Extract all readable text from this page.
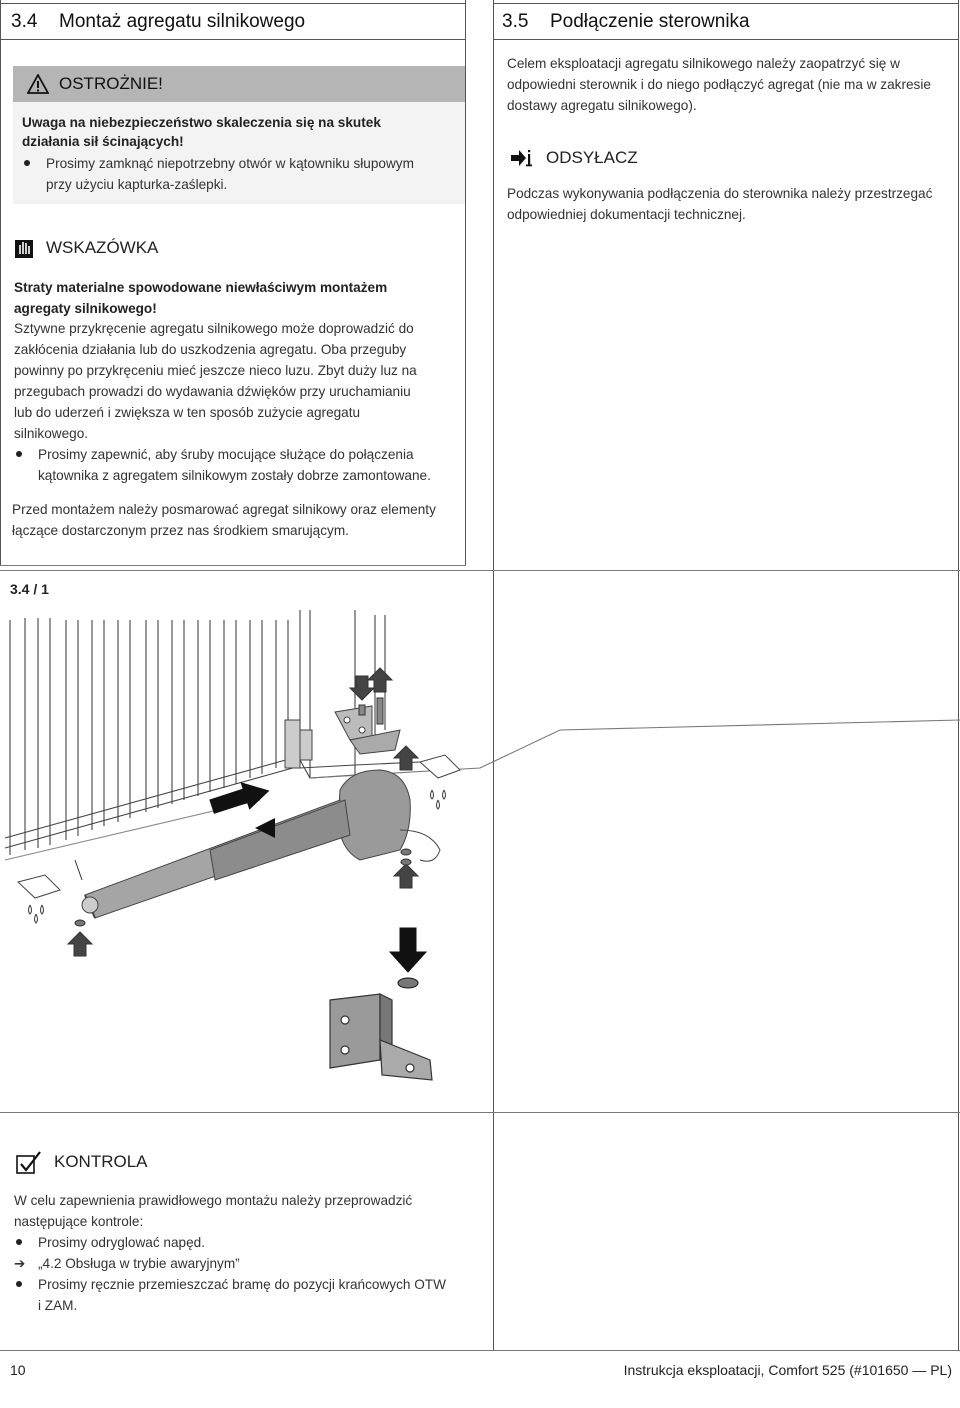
3.4	Montaż agregatu silnikowego
OSTROŻNIE!
Uwaga na niebezpieczeństwo skaleczenia się na skutek
działania sił ścinających!
Prosimy zamknąć niepotrzebny otwór w kątowniku słupowym
przy użyciu kapturka-zaślepki.
WSKAZÓWKA
Straty materialne spowodowane niewłaściwym montażem
agregaty silnikowego!
Sztywne przykręcenie agregatu silnikowego może doprowadzić do
zakłócenia działania lub do uszkodzenia agregatu. Oba przeguby
powinny po przykręceniu mieć jeszcze nieco luzu. Zbyt duży luz na
przegubach prowadzi do wydawania dźwięków przy uruchamianiu
lub do uderzeń i zwiększa w ten sposób zużycie agregatu
silnikowego.
Prosimy zapewnić, aby śruby mocujące służące do połączenia
kątownika z agregatem silnikowym zostały dobrze zamontowane.
Przed montażem należy posmarować agregat silnikowy oraz elementy
łączące dostarczonym przez nas środkiem smarującym.
3.5	Podłączenie sterownika
Celem eksploatacji agregatu silnikowego należy zaopatrzyć się w
odpowiedni sterownik i do niego podłączyć agregat (nie ma w zakresie
dostawy agregatu silnikowego).
ODSYŁACZ
Podczas wykonywania podłączenia do sterownika należy przestrzegać
odpowiedniej dokumentacji technicznej.
3.4 / 1
KONTROLA
W celu zapewnienia prawidłowego montażu należy przeprowadzić
następujące kontrole:
Prosimy odryglować napęd.
➔ „4.2 Obsługa w trybie awaryjnym”
Prosimy ręcznie przemieszczać bramę do pozycji krańcowych OTW
i ZAM.
10	Instrukcja eksploatacji, Comfort 525 (#101650 — PL)
